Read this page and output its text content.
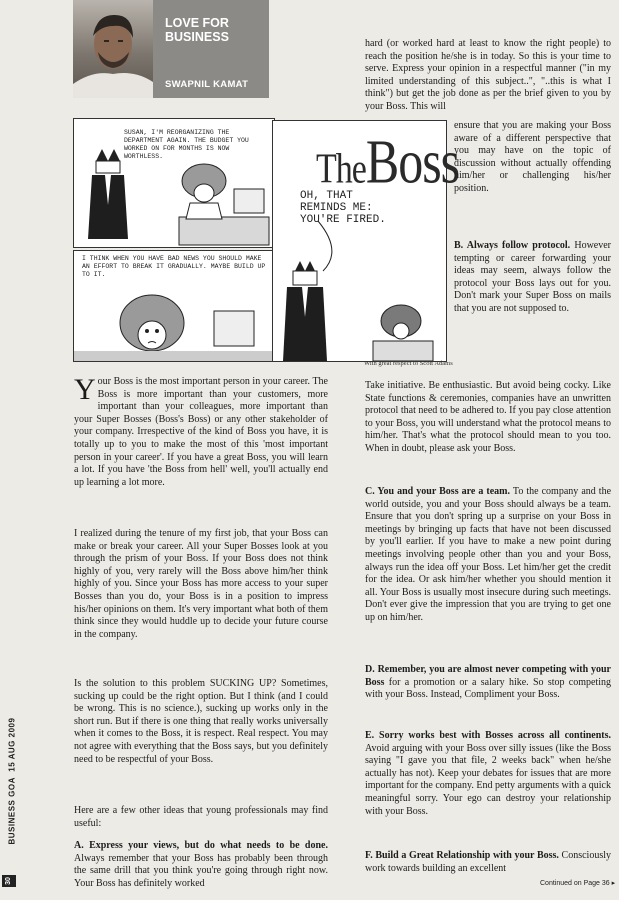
BUSINESS GOA  15 AUG 2009
30
LOVE FOR
BUSINESS
SWAPNIL KAMAT
SUSAN, I'M REORGANIZING THE DEPARTMENT AGAIN. THE BUDGET YOU WORKED ON FOR MONTHS IS NOW WORTHLESS.
I THINK WHEN YOU HAVE BAD NEWS YOU SHOULD MAKE AN EFFORT TO BREAK IT GRADUALLY. MAYBE BUILD UP TO IT.
TheBoss
OH, THAT REMINDS ME: YOU'RE FIRED.
With great respect to Scott Adams
Your Boss is the most important person in your career. The Boss is more important than your customers, more important than your colleagues, more important than your Super Bosses (Boss's Boss) or any other stakeholder of your company. Irrespective of the kind of Boss you have, it is totally up to you to make the most of this 'most important person in your career'. If you have a great Boss, you will learn a lot. If you have 'the Boss from hell' well, you'll actually end up learning a lot more.

I realized during the tenure of my first job, that your Boss can make or break your career. All your Super Bosses look at you through the prism of your Boss. If your Boss does not think highly of you, very rarely will the Boss above him/her think highly of you. Since your Boss has more access to your super Bosses than you do, your Boss is in a position to impress his/her opinions on them. It's very important what both of them think since they would huddle up to decide your future course in the company.

Is the solution to this problem SUCKING UP? Sometimes, sucking up could be the right option. But I think (and I could be wrong. This is no science.), sucking up works only in the short run. But if there is one thing that really works universally when it comes to the Boss, it is respect. Real respect. You may not agree with everything that the Boss says, but you definitely need to be respectful of your Boss.

Here are a few other ideas that young professionals may find useful:

A. Express your views, but do what needs to be done. Always remember that your Boss has probably been through the same drill that you think you're going through right now. Your Boss has definitely worked

hard (or worked hard at least to know the right people) to reach the position he/she is in today. So this is your time to serve. Express your opinion in a respectful manner ("in my limited understanding of this subject..", "..this is what I think") but get the job done as per the brief given to you by your Boss. This will

ensure that you are making your Boss aware of a different perspective that you may have on the topic of discussion without actually offending him/her or challenging his/her position.

B. Always follow protocol. However tempting or career forwarding your ideas may seem, always follow the protocol your Boss lays out for you. Don't mark your Super Boss on mails that you are not supposed to.

Take initiative. Be enthusiastic. But avoid being cocky. Like State functions & ceremonies, companies have an unwritten protocol that need to be adhered to. If you pay close attention to your Boss, you will understand what the protocol means to him/her. That's what the protocol should mean to you too. When in doubt, please ask your Boss.

C. You and your Boss are a team. To the company and the world outside, you and your Boss should always be a team. Ensure that you don't spring up a surprise on your Boss in meetings by bringing up facts that have not been discussed by you'll earlier. If you have to make a new point during meetings involving people other than you and your Boss, always run the idea off your Boss. Let him/her get the credit for the idea. Or ask him/her whether you should mention it all. Your Boss is usually most insecure during such meetings. Don't ever give the impression that you are trying to get one up on him/her.

D. Remember, you are almost never competing with your Boss for a promotion or a salary hike. So stop competing with your Boss. Instead, Compliment your Boss.

E. Sorry works best with Bosses across all continents. Avoid arguing with your Boss over silly issues (like the Boss saying "I gave you that file, 2 weeks back" when he/she actually has not). Keep your debates for issues that are more important for the company. End petty arguments with a quick meaningful sorry. Your ego can destroy your relationship with your Boss.

F. Build a Great Relationship with your Boss. Consciously work towards building an excellent

Continued on Page 36 ▸
